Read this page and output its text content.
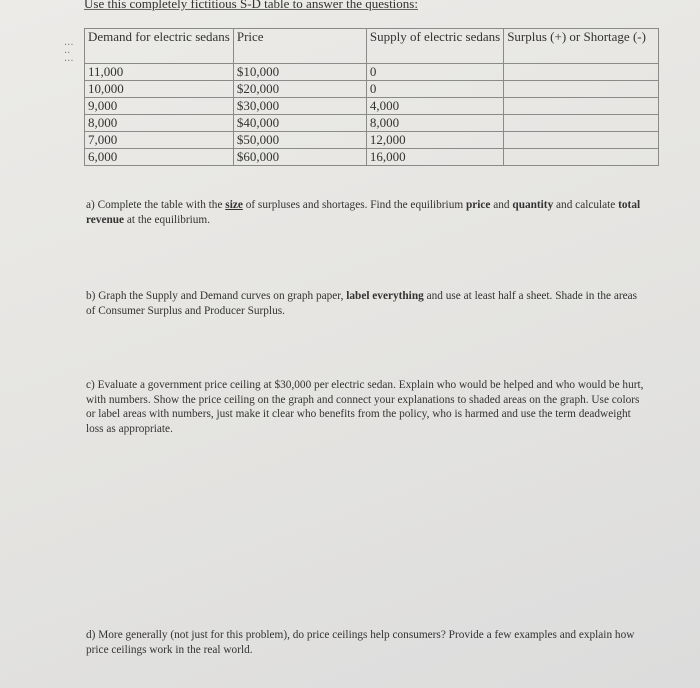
Use this completely fictitious S-D table to answer the questions:
···
··
···
Demand for electric sedans	Price	Supply of electric sedans	Surplus (+) or Shortage (-)
11,000	$10,000	0	
10,000	$20,000	0	
9,000	$30,000	4,000	
8,000	$40,000	8,000	
7,000	$50,000	12,000	
6,000	$60,000	16,000	
a) Complete the table with the size of surpluses and shortages. Find the equilibrium price and quantity and calculate total revenue at the equilibrium.
b) Graph the Supply and Demand curves on graph paper, label everything and use at least half a sheet. Shade in the areas of Consumer Surplus and Producer Surplus.
c) Evaluate a government price ceiling at $30,000 per electric sedan. Explain who would be helped and who would be hurt, with numbers. Show the price ceiling on the graph and connect your explanations to shaded areas on the graph. Use colors or label areas with numbers, just make it clear who benefits from the policy, who is harmed and use the term deadweight loss as appropriate.
d) More generally (not just for this problem), do price ceilings help consumers? Provide a few examples and explain how price ceilings work in the real world.
